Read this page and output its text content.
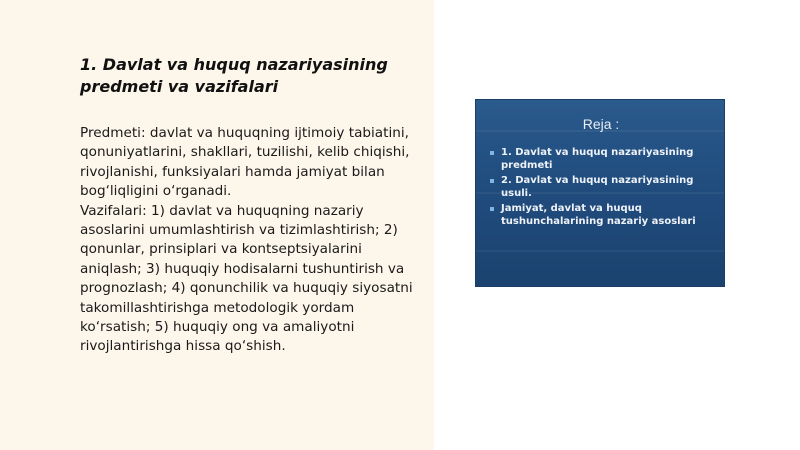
1. Davlat va huquq nazariyasining predmeti va vazifalari

Predmeti: davlat va huquqning ijtimoiy tabiatini, qonuniyatlarini, shakllari, tuzilishi, kelib chiqishi, rivojlanishi, funksiyalari hamda jamiyat bilan bog‘liqligini o‘rganadi.

Vazifalari: 1) davlat va huquqning nazariy asoslarini umumlashtirish va tizimlashtirish; 2) qonunlar, prinsiplari va kontseptsiyalarini aniqlash; 3) huquqiy hodisalarni tushuntirish va prognozlash; 4) qonunchilik va huquqiy siyosatni takomillashtirishga metodologik yordam ko‘rsatish; 5) huquqiy ong va amaliyotni rivojlantirishga hissa qo‘shish.

Reja :
1. Davlat va huquq nazariyasining predmeti
2. Davlat va huquq nazariyasining usuli.
Jamiyat, davlat va huquq tushunchalarining nazariy asoslari
